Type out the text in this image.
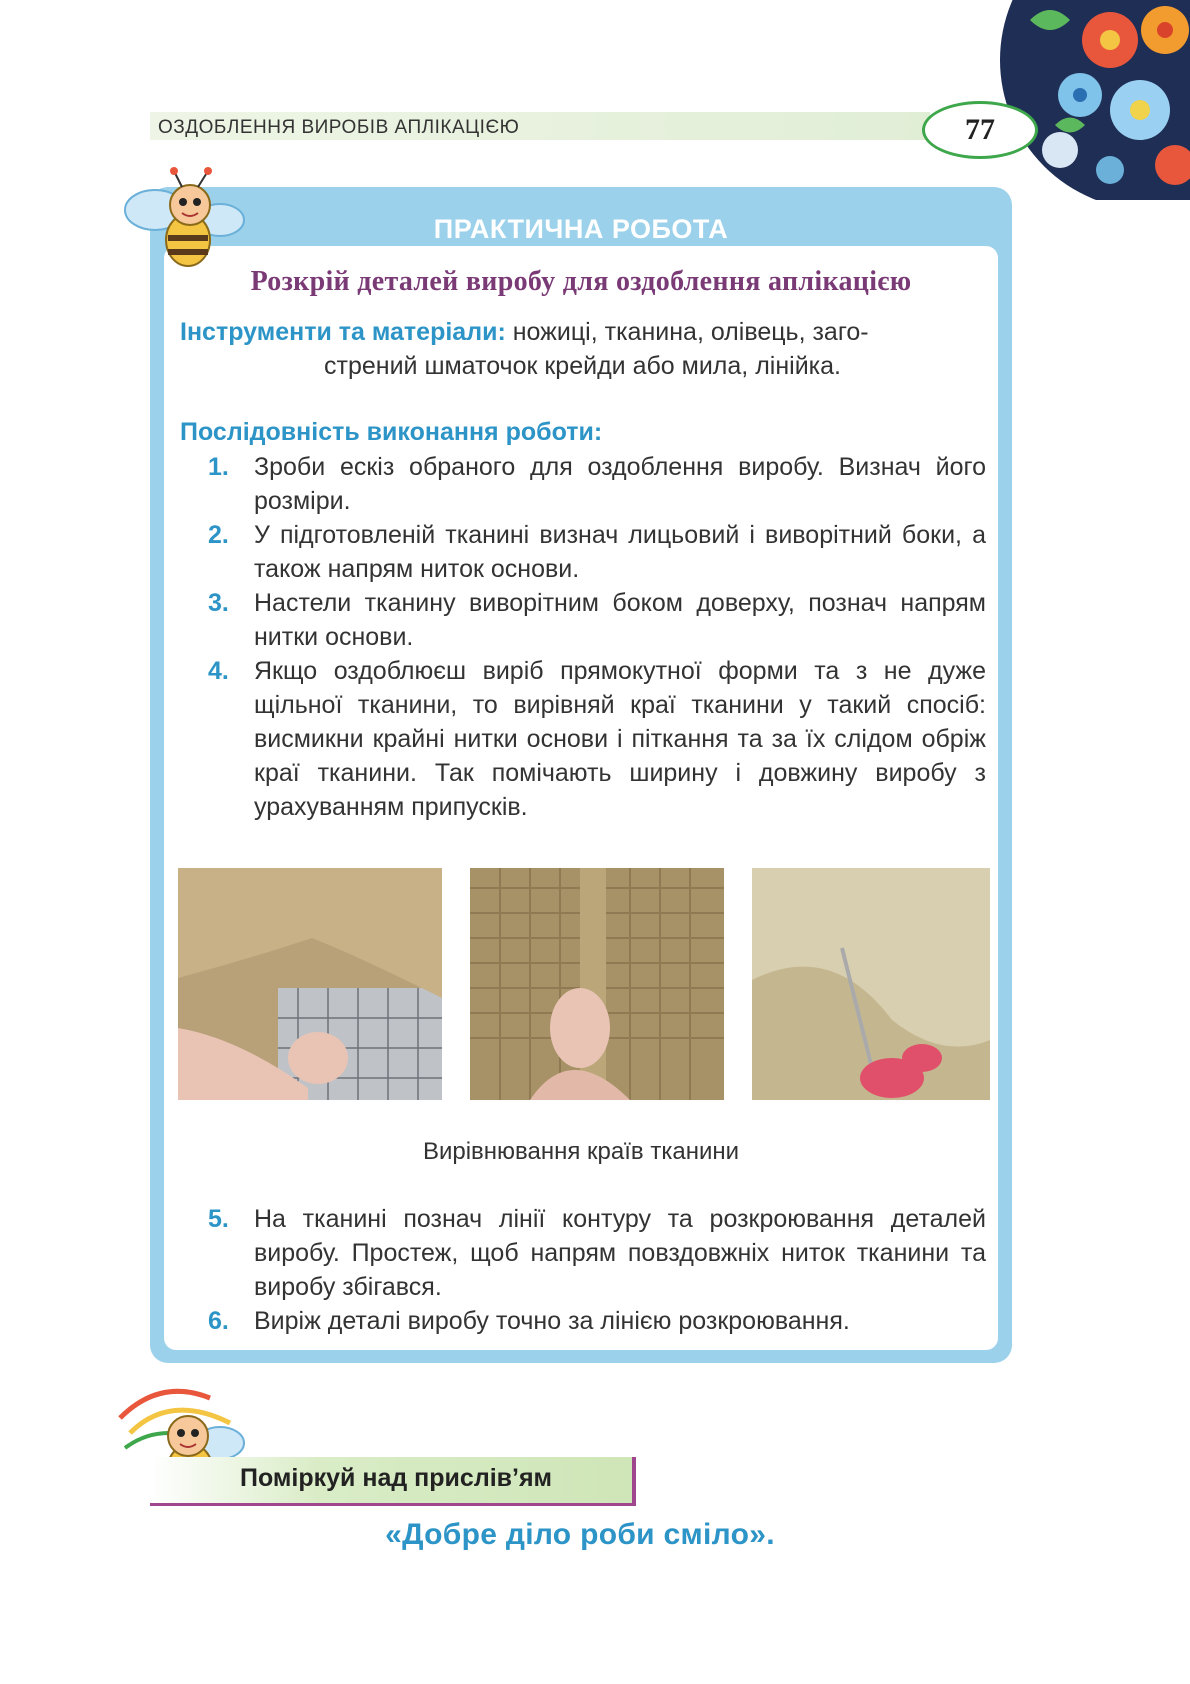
ОЗДОБЛЕННЯ ВИРОБІВ АПЛІКАЦІЄЮ	77
ПРАКТИЧНА РОБОТА
Розкрій деталей виробу для оздоблення аплікацією
Інструменти та матеріали: ножиці, тканина, олівець, заго-
стрений шматочок крейди або мила, лінійка.
Послідовність виконання роботи:
1.	Зроби ескіз обраного для оздоблення виробу. Визнач його розміри.
2.	У підготовленій тканині визнач лицьовий і виворітний боки, а також напрям ниток основи.
3.	Настели тканину виворітним боком доверху, познач напрям нитки основи.
4.	Якщо оздоблюєш виріб прямокутної форми та з не дуже щільної тканини, то вирівняй краї тканини у такий спосіб: висмикни крайні нитки основи і піткання та за їх слідом обріж краї тканини. Так помічають ширину і довжину виробу з урахуванням припусків.
Вирівнювання країв тканини
5.	На тканині познач лінії контуру та розкроювання деталей виробу. Простеж, щоб напрям повздовжніх ниток тканини та виробу збігався.
6.	Виріж деталі виробу точно за лінією розкроювання.
Поміркуй над прислів’ям
«Добре діло роби сміло».
